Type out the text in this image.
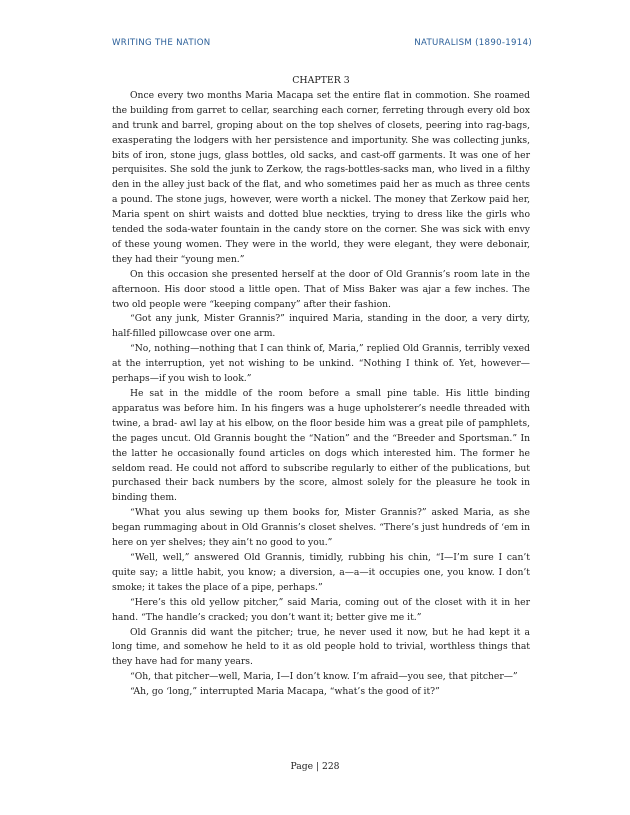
WRITING THE NATION	NATURALISM (1890-1914)
CHAPTER 3

Once every two months Maria Macapa set the entire flat in commotion. She roamed the building from garret to cellar, searching each corner, ferreting through every old box and trunk and barrel, groping about on the top shelves of closets, peering into rag-bags, exasperating the lodgers with her persistence and importunity. She was collecting junks, bits of iron, stone jugs, glass bottles, old sacks, and cast-off garments. It was one of her perquisites. She sold the junk to Zerkow, the rags-bottles-sacks man, who lived in a filthy den in the alley just back of the flat, and who sometimes paid her as much as three cents a pound. The stone jugs, however, were worth a nickel. The money that Zerkow paid her, Maria spent on shirt waists and dotted blue neckties, trying to dress like the girls who tended the soda-water fountain in the candy store on the corner. She was sick with envy of these young women. They were in the world, they were elegant, they were debonair, they had their “young men.”

On this occasion she presented herself at the door of Old Grannis’s room late in the afternoon. His door stood a little open. That of Miss Baker was ajar a few inches. The two old people were “keeping company” after their fashion.

“Got any junk, Mister Grannis?” inquired Maria, standing in the door, a very dirty, half-filled pillowcase over one arm.

“No, nothing—nothing that I can think of, Maria,” replied Old Grannis, terribly vexed at the interruption, yet not wishing to be unkind. “Nothing I think of. Yet, however—perhaps—if you wish to look.”

He sat in the middle of the room before a small pine table. His little binding apparatus was before him. In his fingers was a huge upholsterer’s needle threaded with twine, a brad- awl lay at his elbow, on the floor beside him was a great pile of pamphlets, the pages uncut. Old Grannis bought the “Nation” and the “Breeder and Sportsman.” In the latter he occasionally found articles on dogs which interested him. The former he seldom read. He could not afford to subscribe regularly to either of the publications, but purchased their back numbers by the score, almost solely for the pleasure he took in binding them.

“What you alus sewing up them books for, Mister Grannis?” asked Maria, as she began rummaging about in Old Grannis’s closet shelves. “There’s just hundreds of ‘em in here on yer shelves; they ain’t no good to you.”

“Well, well,” answered Old Grannis, timidly, rubbing his chin, “I—I’m sure I can’t quite say; a little habit, you know; a diversion, a—a—it occupies one, you know. I don’t smoke; it takes the place of a pipe, perhaps.”

“Here’s this old yellow pitcher,” said Maria, coming out of the closet with it in her hand. “The handle’s cracked; you don’t want it; better give me it.”

Old Grannis did want the pitcher; true, he never used it now, but he had kept it a long time, and somehow he held to it as old people hold to trivial, worthless things that they have had for many years.

“Oh, that pitcher—well, Maria, I—I don’t know. I’m afraid—you see, that pitcher—”

“Ah, go ‘long,” interrupted Maria Macapa, “what’s the good of it?”

Page | 228
